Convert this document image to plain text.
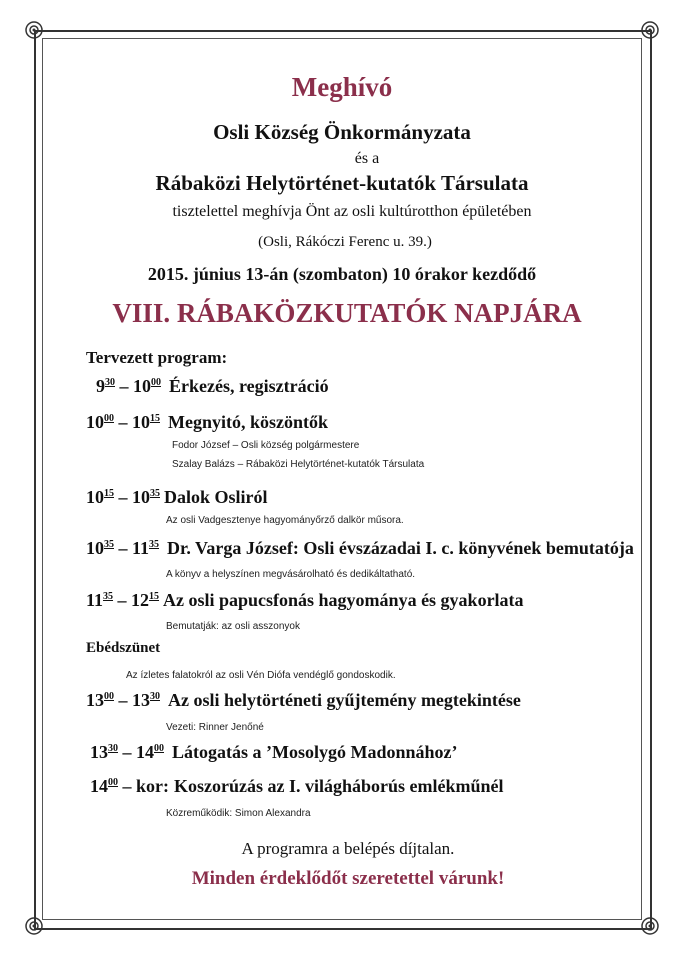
Meghívó
Osli Község Önkormányzata
és a
Rábaközi Helytörténet-kutatók Társulata
tisztelettel meghívja Önt az osli kultúrotthon épületében
(Osli, Rákóczi Ferenc u. 39.)
2015. június 13-án (szombaton) 10 órakor kezdődő
VIII. RÁBAKÖZKUTATÓK NAPJÁRA
Tervezett program:
$9^{30} - 10^{00}$ Érkezés, regisztráció
$10^{00} - 10^{15}$ Megnyitó, köszöntők
Fodor József – Osli község polgármestere
Szalay Balázs – Rábaközi Helytörténet-kutatók Társulata
$10^{15} - 10^{35}$ Dalok Osliról
Az osli Vadgesztenye hagyományőrző dalkör műsora.
$10^{35} - 11^{35}$ Dr. Varga József: Osli évszázadai I. c. könyvének bemutatója
A könyv a helyszínen megvásárolható és dedikáltatható.
$11^{35} - 12^{15}$ Az osli papucsfonás hagyománya és gyakorlata
Bemutatják: az osli asszonyok
Ebédszünet
Az ízletes falatokról az osli Vén Diófa vendéglő gondoskodik.
$13^{00} - 13^{30}$ Az osli helytörténeti gyűjtemény megtekintése
Vezeti: Rinner Jenőné
$13^{30} - 14^{00}$ Látogatás a ’Mosolygó Madonnához’
$14^{00}$ – kor: Koszorúzás az I. világháborús emlékműnél
Közreműködik: Simon Alexandra
A programra a belépés díjtalan.
Minden érdeklődőt szeretettel várunk!
